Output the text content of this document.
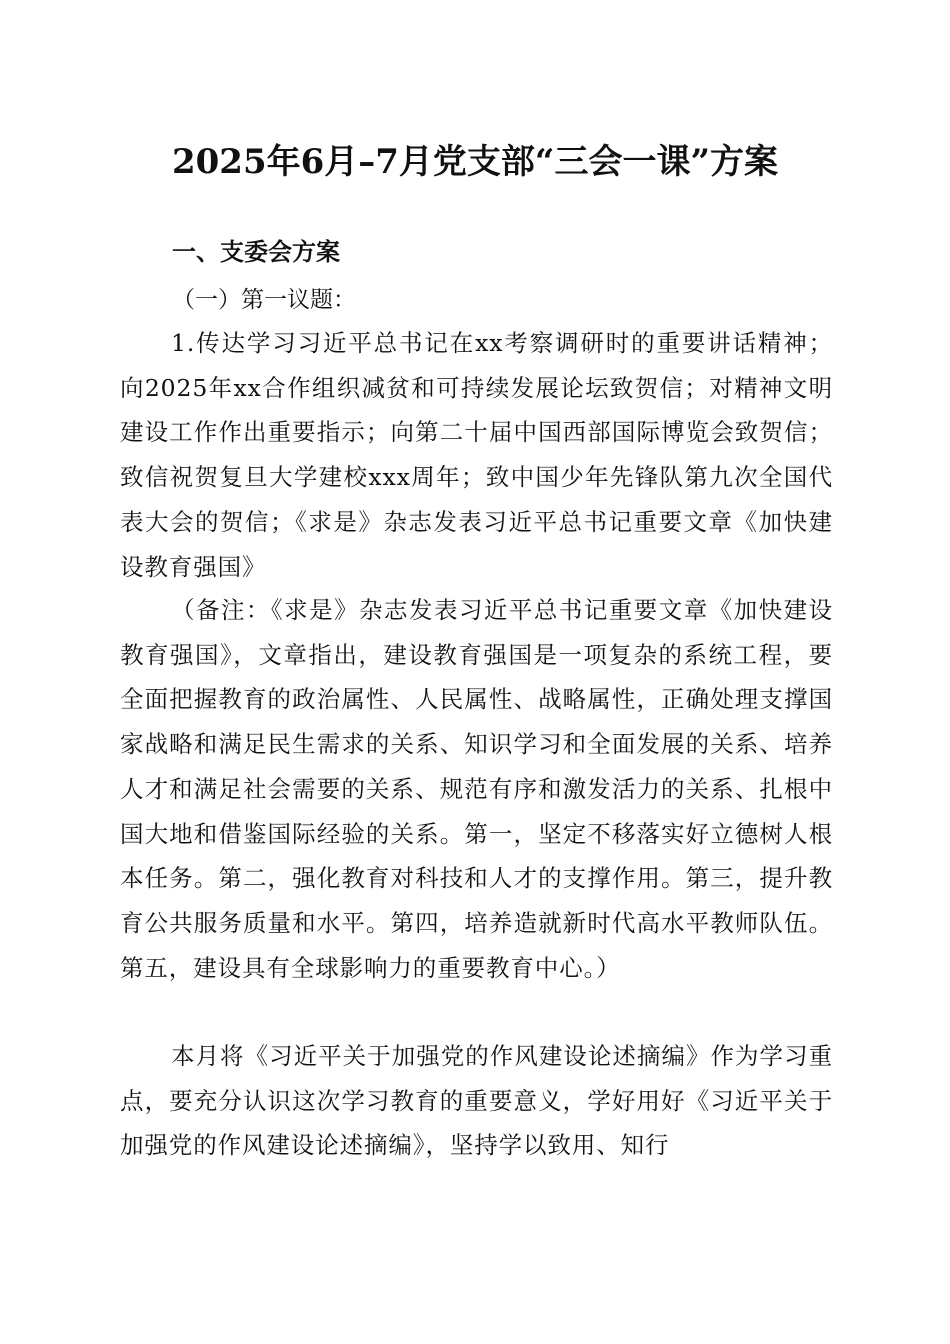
2025年6月–7月党支部“三会一课”方案
一、支委会方案
（一）第一议题：

1.传达学习习近平总书记在xx考察调研时的重要讲话精神；向2025年xx合作组织减贫和可持续发展论坛致贺信；对精神文明建设工作作出重要指示；向第二十届中国西部国际博览会致贺信；致信祝贺复旦大学建校xxx周年；致中国少年先锋队第九次全国代表大会的贺信；《求是》杂志发表习近平总书记重要文章《加快建设教育强国》

（备注：《求是》杂志发表习近平总书记重要文章《加快建设教育强国》，文章指出，建设教育强国是一项复杂的系统工程，要全面把握教育的政治属性、人民属性、战略属性，正确处理支撑国家战略和满足民生需求的关系、知识学习和全面发展的关系、培养人才和满足社会需要的关系、规范有序和激发活力的关系、扎根中国大地和借鉴国际经验的关系。第一，坚定不移落实好立德树人根本任务。第二，强化教育对科技和人才的支撑作用。第三，提升教育公共服务质量和水平。第四，培养造就新时代高水平教师队伍。第五，建设具有全球影响力的重要教育中心。）

本月将《习近平关于加强党的作风建设论述摘编》作为学习重点，要充分认识这次学习教育的重要意义，学好用好《习近平关于加强党的作风建设论述摘编》，坚持学以致用、知行
